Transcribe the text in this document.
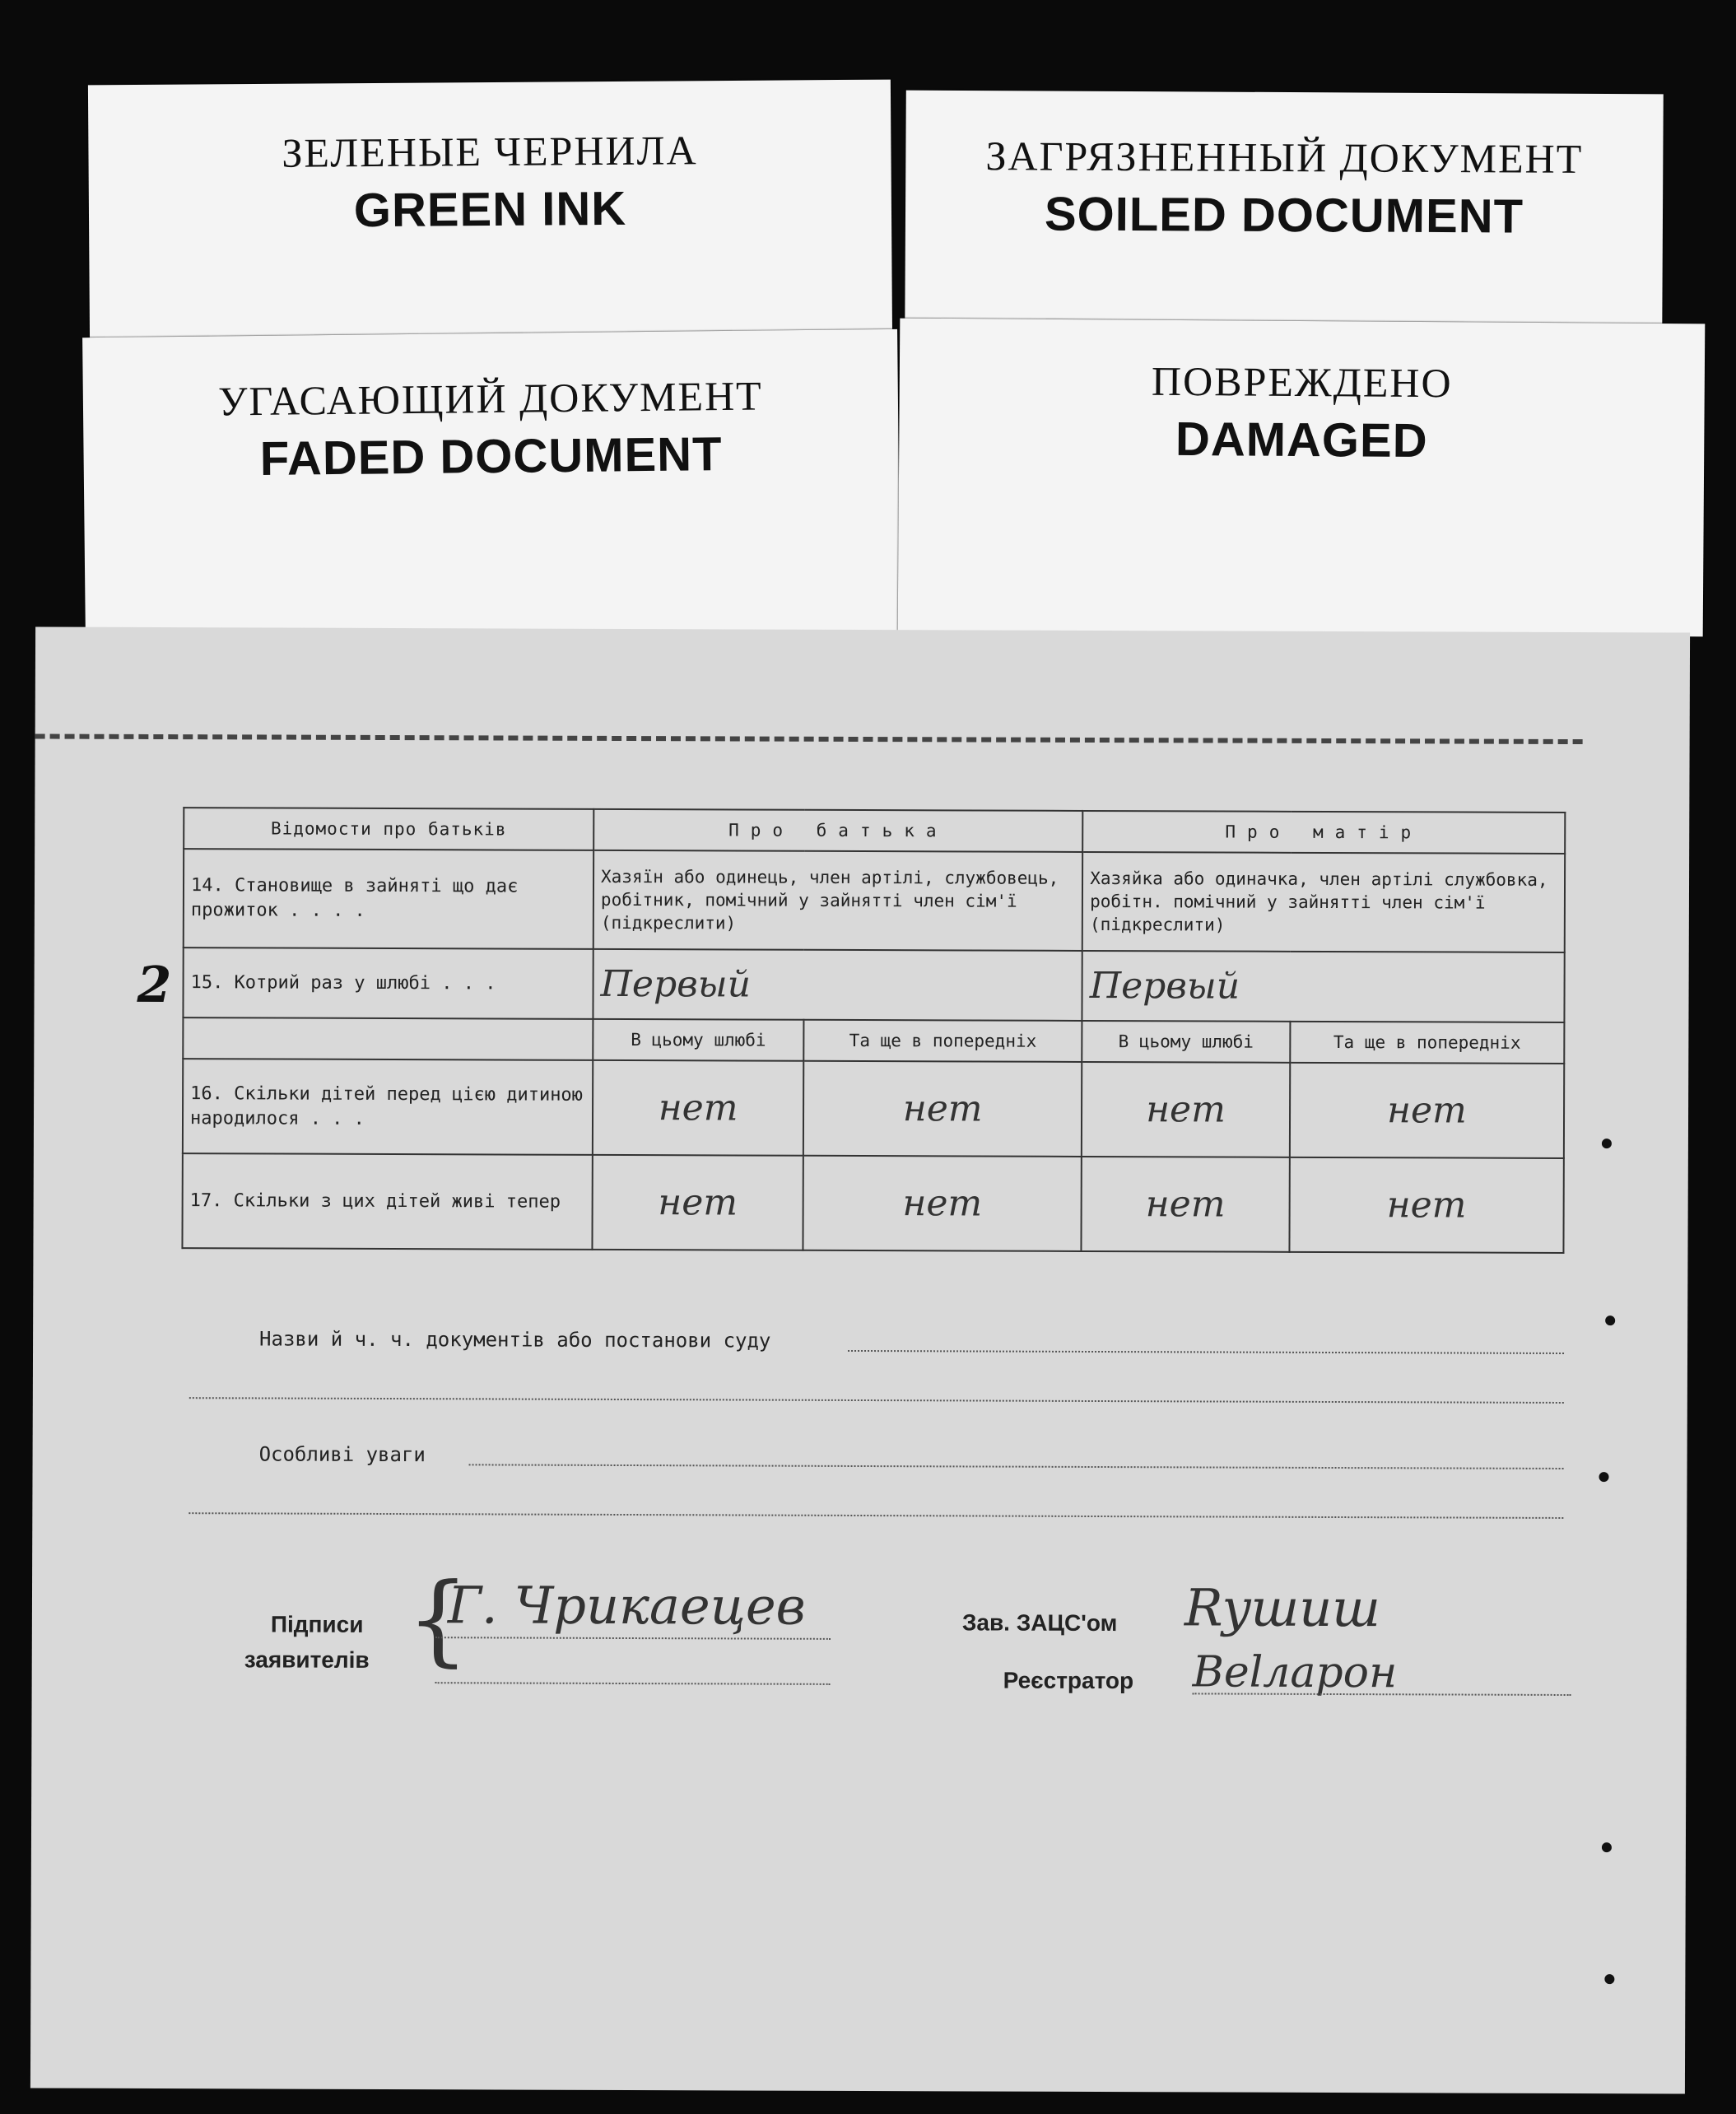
ЗЕЛЕНЫЕ ЧЕРНИЛА
GREEN INK
ЗАГРЯЗНЕННЫЙ ДОКУМЕНТ
SOILED DOCUMENT
УГАСАЮЩИЙ ДОКУМЕНТ
FADED DOCUMENT
ПОВРЕЖДЕНО
DAMAGED
2
Відомости про батьків	Про батька		Про матір	
14. Становище в зайняті що дає прожиток . . . .	Хазяїн або одинець, член артілі, службовець, робітник, помічний у зайнятті член сім'ї (підкреслити)		Хазяйка або одиначка, член артілі службовка, робітн. помічний у зайнятті член сім'ї (підкреслити)	
15. Котрий раз у шлюбі . . .	Первый		Первый	
	В цьому шлюбі	Та ще в попередніх	В цьому шлюбі	Та ще в попередніх
16. Скільки дітей перед цією дитиною народилося . . .	нет	нет	нет	нет
17. Скільки з цих дітей живі тепер	нет	нет	нет	нет
Назви й ч. ч. документів або постанови суду
Особливі уваги
Підписи
заявителів {
Г. Чрикаецев	Зав. ЗАЦС'ом Ryшиш
Реєстратор Веlларон
